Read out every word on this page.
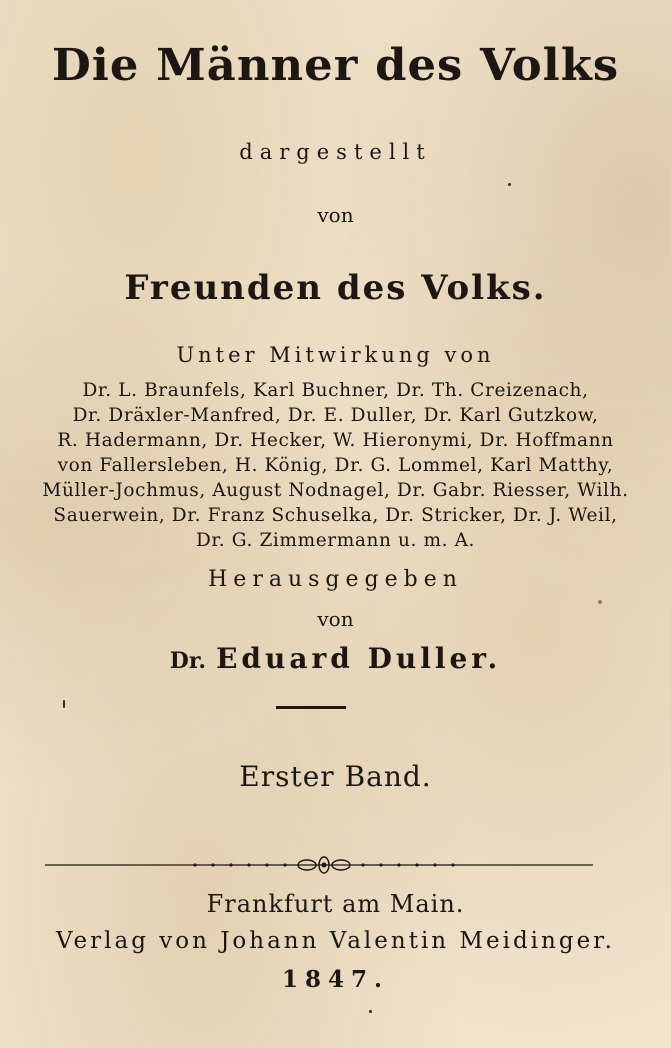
Die Männer des Volks
dargestellt
von
Freunden des Volks.
Unter Mitwirkung von
Dr. L. Braunfels, Karl Buchner, Dr. Th. Creizenach,
Dr. Dräxler-Manfred, Dr. E. Duller, Dr. Karl Gutzkow,
R. Hadermann, Dr. Hecker, W. Hieronymi, Dr. Hoffmann
von Fallersleben, H. König, Dr. G. Lommel, Karl Matthy,
Müller-Jochmus, August Nodnagel, Dr. Gabr. Riesser, Wilh.
Sauerwein, Dr. Franz Schuselka, Dr. Stricker, Dr. J. Weil,
Dr. G. Zimmermann u. m. A.
Herausgegeben
von
Dr. Eduard Duller.
Erster Band.
Frankfurt am Main.
Verlag von Johann Valentin Meidinger.
1847.
